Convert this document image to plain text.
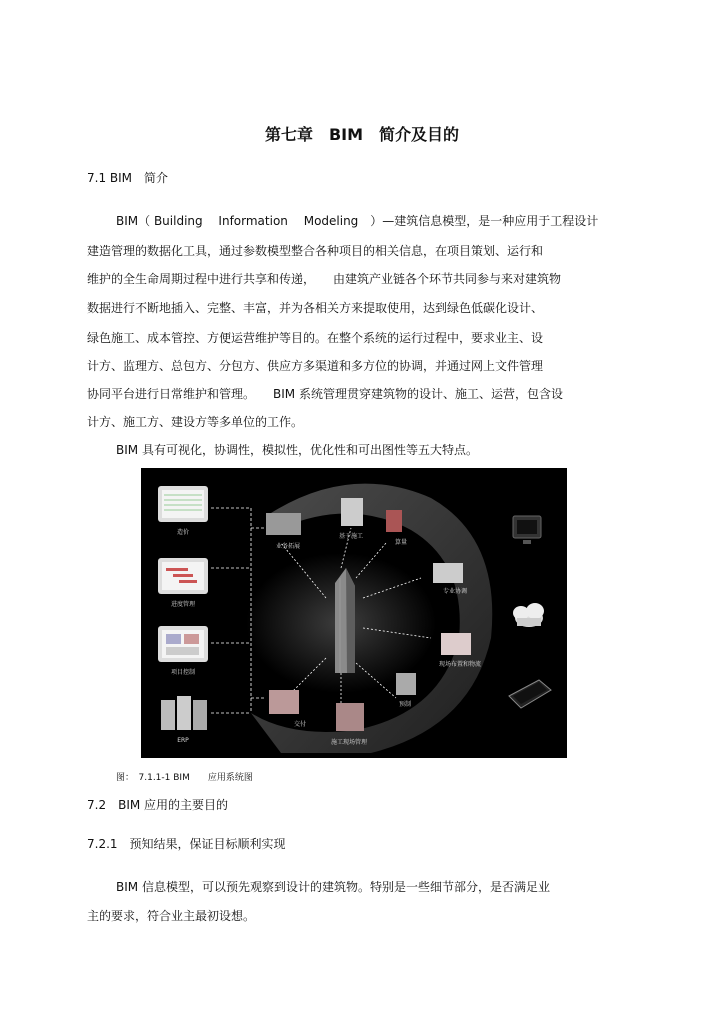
第七章　BIM　简介及目的
7.1 BIM　简介
BIM（ Building　 Information　 Modeling　）—建筑信息模型，是一种应用于工程设计
建造管理的数据化工具，通过参数模型整合各种项目的相关信息，在项目策划、运行和
维护的全生命周期过程中进行共享和传递，　　由建筑产业链各个环节共同参与来对建筑物
数据进行不断地插入、完整、丰富，并为各相关方来提取使用，达到绿色低碳化设计、
绿色施工、成本管控、方便运营维护等目的。在整个系统的运行过程中，要求业主、设
计方、监理方、总包方、分包方、供应方多渠道和多方位的协调，并通过网上文件管理
协同平台进行日常维护和管理。　　BIM 系统管理贯穿建筑物的设计、施工、运营，包含设
计方、施工方、建设方等多单位的工作。
BIM 具有可视化，协调性，模拟性，优化性和可出图性等五大特点。
造价
进度管理
项目控制
ERP
业务拓展
基于施工
算量
专业协调
现场布置和物流
预制
施工现场管理
交付
图：　7.1.1-1 BIM　　应用系统图
7.2　BIM 应用的主要目的
7.2.1　预知结果，保证目标顺利实现
BIM 信息模型，可以预先观察到设计的建筑物。特别是一些细节部分，是否满足业
主的要求，符合业主最初设想。
